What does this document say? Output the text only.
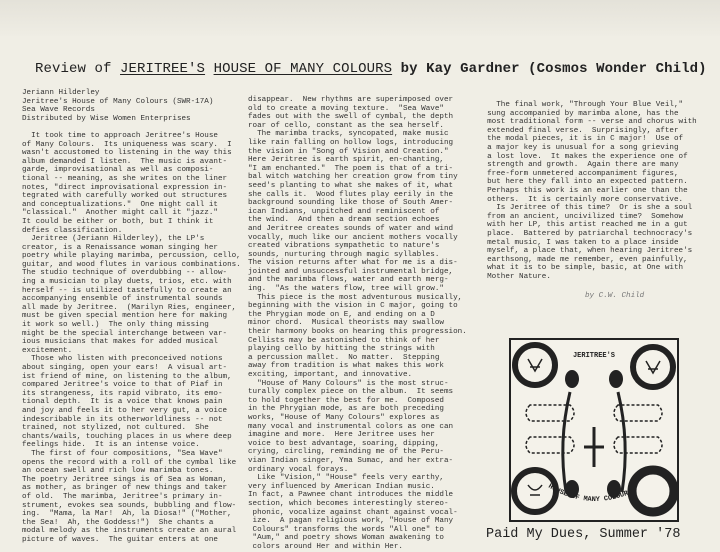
Review of JERITREE'S HOUSE OF MANY COLOURS by Kay Gardner (Cosmos Wonder Child)
Jeriann Hilderley
Jeritree's House of Many Colours (SWR-17A)
Sea Wave Records
Distributed by Wise Women Enterprises

It took time to approach Jeritree's House
of Many Colours.  Its uniqueness was scary.  I
wasn't accustomed to listening in the way this
album demanded I listen.  The music is avant-
garde, improvisational as well as composi-
tional -- meaning, as she writes on the liner
notes, "direct improvisational expression in-
tegrated with carefully worked out structures
and conceptualizations."  One might call it
"classical."  Another might call it "jazz."
It could be either or both, but I think it
defies classification.
Jeritree (Jeriann Hilderley), the LP's
creator, is a Renaissance woman singing her
poetry while playing marimba, percussion, cello,
guitar, and wood flutes in various combinations.
The studio technique of overdubbing -- allow-
ing a musician to play duets, trios, etc. with
herself -- is utilized tastefully to create an
accompanying ensemble of instrumental sounds
all made by Jeritree.  (Marilyn Ries, engineer,
must be given special mention here for making
it work so well.)  The only thing missing
might be the special interchange between var-
ious musicians that makes for added musical
excitement.
Those who listen with preconceived notions
about singing, open your ears!  A visual art-
ist friend of mine, on listening to the album,
compared Jeritree's voice to that of Piaf in
its strangeness, its rapid vibrato, its emo-
tional depth.  It is a voice that knows pain
and joy and feels it to her very gut, a voice
indescribable in its otherworldliness -- not
trained, not stylized, not cultured.  She
chants/wails, touching places in us where deep
feelings hide.  It is an intense voice.
The first of four compositions, "Sea Wave"
opens the record with a roll of the cymbal like
an ocean swell and rich low marimba tones.
The poetry Jeritree sings is of Sea as Woman,
as mother, as bringer of new things and taker
of old.  The marimba, Jeritree's primary in-
strument, evokes sea sounds, bubbling and flow-
ing.  "Mama, la Mar!  Ah, la Diosa!" ("Mother,
the Sea!  Ah, the Goddess!")  She chants a
modal melody as the instruments create an aural
picture of waves.  The guitar enters at one
disappear.  New rhythms are superimposed over
old to create a moving texture.  "Sea Wave"
fades out with the swell of cymbal, the depth
roar of cello, constant as the sea herself.
The marimba tracks, syncopated, make music
like rain falling on hollow logs, introducing
the vision in "Song of Vision and Creation."
Here Jeritree is earth spirit, en-chanting,
"I am enchanted."  The poem is that of a tri-
bal witch watching her creation grow from tiny
seed's planting to what she makes of it, what
she calls it.  Wood flutes play eerily in the
background sounding like those of South Amer-
ican Indians, unpitched and reminiscent of
the wind.  And then a dream section echoes
and Jeritree creates sounds of water and wind
vocally, much like our ancient mothers vocally
created vibrations sympathetic to nature's
sounds, nurturing through magic syllables.
The vision returns after what for me is a dis-
jointed and unsuccessful instrumental bridge,
and the marimba flows, water and earth merg-
ing.  "As the waters flow, tree will grow."
This piece is the most adventurous musically,
beginning with the vision in C major, going to
the Phrygian mode on E, and ending on a D
minor chord.  Musical theorists may swallow
their harmony books on hearing this progression.
Cellists may be astonished to think of her
playing cello by hitting the strings with
a percussion mallet.  No matter.  Stepping
away from tradition is what makes this work
exciting, important, and innovative.
"House of Many Colours" is the most struc-
turally complex piece on the album.  It seems
to hold together the best for me.  Composed
in the Phrygian mode, as are both preceding
works, "House of Many Colours" explores as
many vocal and instrumental colors as one can
imagine and more.  Here Jeritree uses her
voice to best advantage, soaring, dipping,
crying, circling, reminding me of the Peru-
vian Indian singer, Yma Sumac, and her extra-
ordinary vocal forays.
Like "Vision," "House" feels very earthy,
very influenced by American Indian music.
In fact, a Pawnee chant introduces the middle
section, which becomes interestingly stereo-
phonic, vocalize against chant against vocal-
ize.  A pagan religious work, "House of Many
Colours" transforms the words "All one" to
"Aum," and poetry shows Woman awakening to
colors around Her and within Her.
The final work, "Through Your Blue Veil,"
sung accompanied by marimba alone, has the
most traditional form -- verse and chorus with
extended final verse.  Surprisingly, after
the modal pieces, it is in C major!  Use of
a major key is unusual for a song grieving
a lost love.  It makes the experience one of
strength and growth.  Again there are many
free-form unmetered accompaniment figures,
but here they fall into an expected pattern.
Perhaps this work is an earlier one than the
others.  It is certainly more conservative.
Is Jeritree of this time?  Or is she a soul
from an ancient, uncivilized time?  Somehow
with her LP, this artist reached me in a gut
place.  Battered by patriarchal technocracy's
metal music, I was taken to a place inside
myself, a place that, when hearing Jeritree's
earthsong, made me remember, even painfully,
what it is to be simple, basic, at One with
Mother Nature.
by C.W. Child
JERITREE'S
HOUSE OF MANY COLOURS
Paid My Dues, Summer '78
